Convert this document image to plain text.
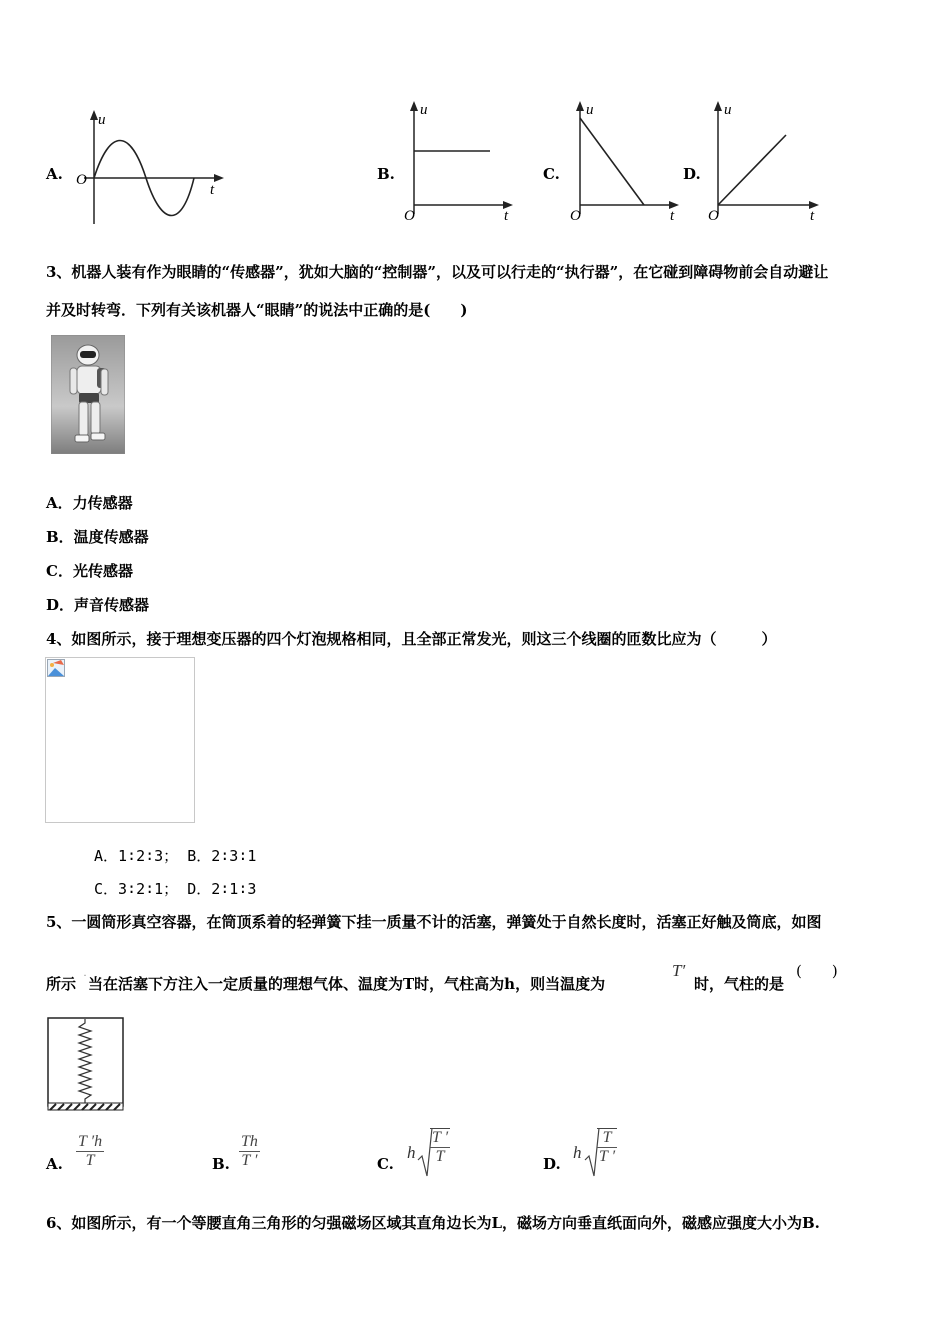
A.
u
t
O	B.
u
t
O
C.
u
t
O
D.
u
t
O
3、机器人装有作为眼睛的“传感器”，犹如大脑的“控制器”，以及可以行走的“执行器”，在它碰到障碍物前会自动避让
并及时转弯．下列有关该机器人“眼睛”的说法中正确的是(　　)
A．力传感器
B．温度传感器
C．光传感器
D．声音传感器
4、如图所示，接于理想变压器的四个灯泡规格相同，且全部正常发光，则这三个线圈的匝数比应为（　　　）
A．1∶2∶3； B．2∶3∶1
C．3∶2∶1； D．2∶1∶3
5、一圆筒形真空容器，在筒顶系着的轻弹簧下挂一质量不计的活塞，弹簧处于自然长度时，活塞正好触及筒底，如图
所示 ˙ 当在活塞下方注入一定质量的理想气体、温度为T时，气柱高为h，则当温度为
T′
时，气柱的是
(　　)
A. $\frac{T 'h}{T}$	B. $\frac{Th}{T '}$	C.
h $\frac{T '}{T}$	D.
h $\frac{T}{T '}$
6、如图所示，有一个等腰直角三角形的匀强磁场区域其直角边长为L，磁场方向垂直纸面向外，磁感应强度大小为B.
